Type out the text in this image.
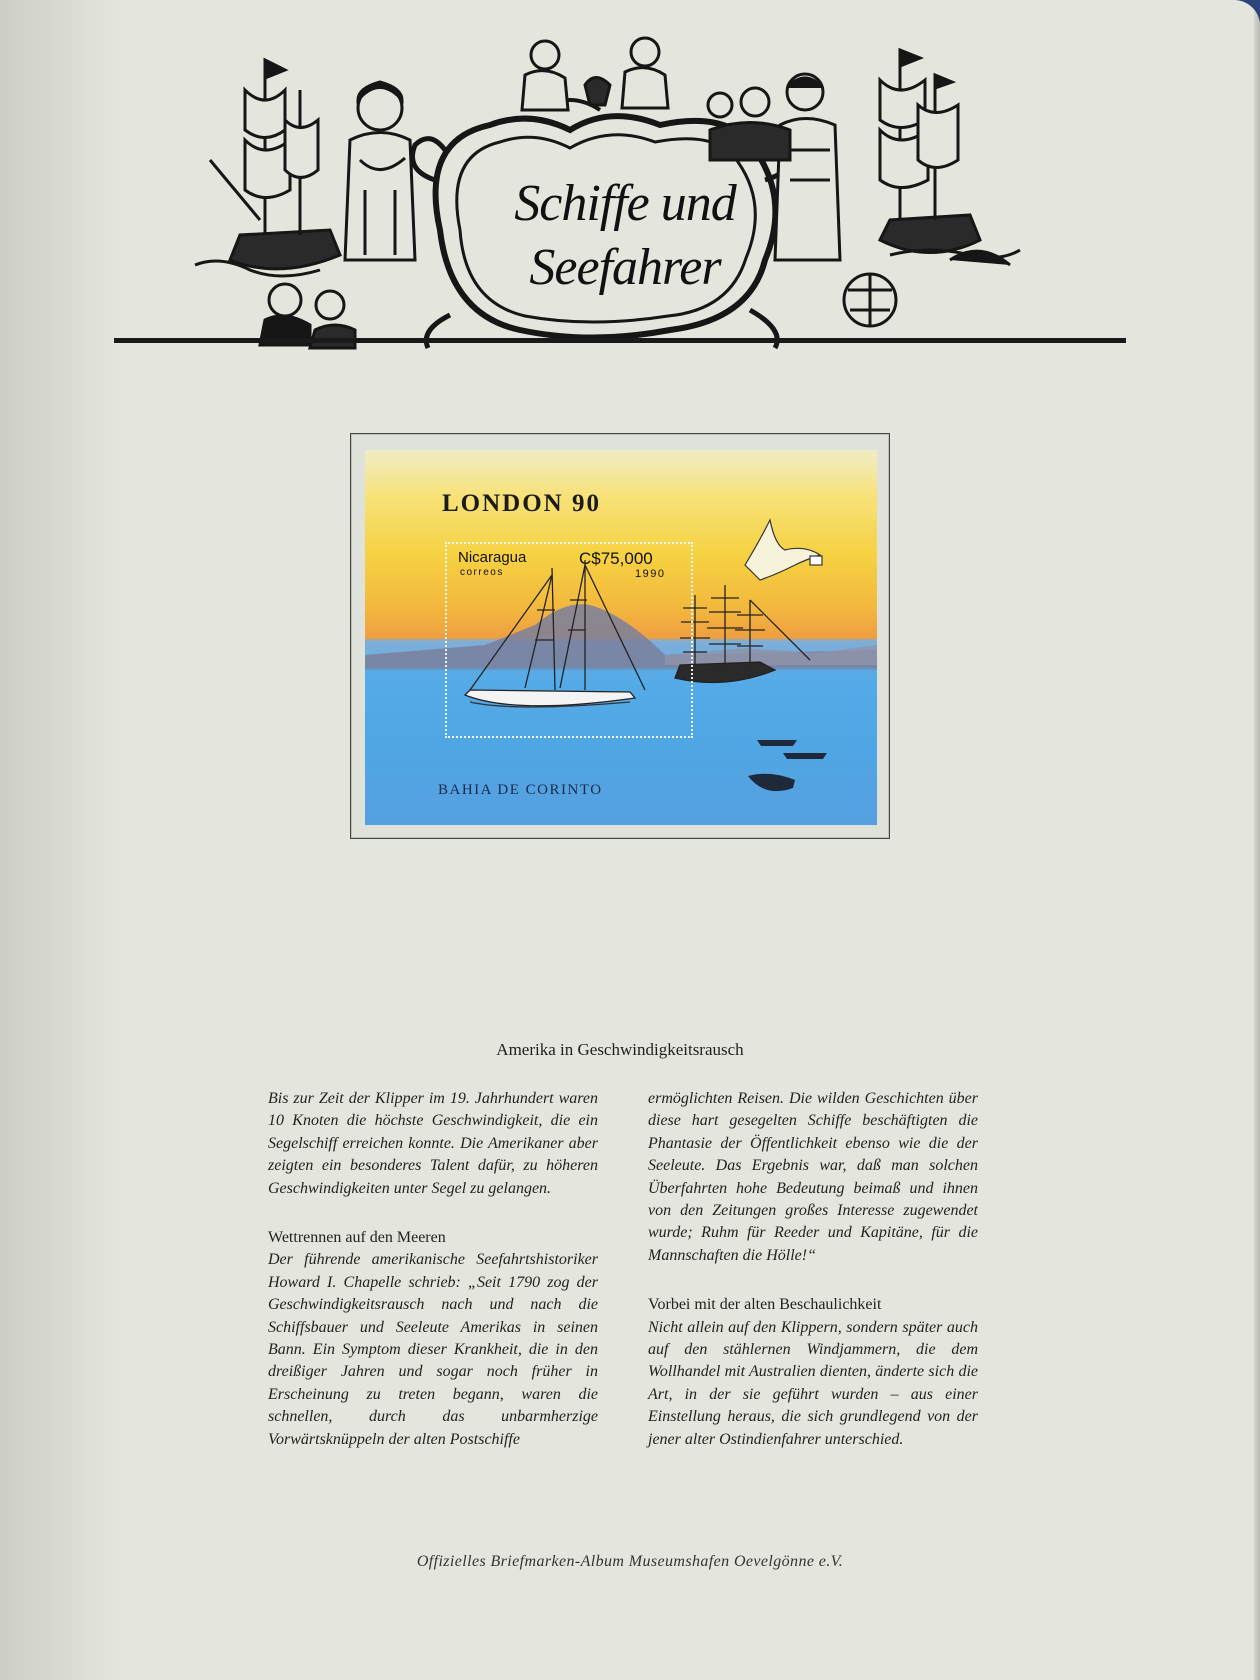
Schiffe und
Seefahrer
LONDON 90
Nicaragua
correos
C$75,000
1990
BAHIA DE CORINTO
Amerika in Geschwindigkeitsrausch

Bis zur Zeit der Klipper im 19. Jahrhundert waren 10 Knoten die höchste Geschwindigkeit, die ein Segelschiff erreichen konnte. Die Amerikaner aber zeigten ein besonderes Talent dafür, zu höheren Geschwindigkeiten unter Segel zu gelangen.

Wettrennen auf den Meeren

Der führende amerikanische Seefahrtshistoriker Howard I. Chapelle schrieb: „Seit 1790 zog der Geschwindigkeitsrausch nach und nach die Schiffsbauer und Seeleute Amerikas in seinen Bann. Ein Symptom dieser Krankheit, die in den dreißiger Jahren und sogar noch früher in Erscheinung zu treten begann, waren die schnellen, durch das unbarmherzige Vorwärtsknüppeln der alten Postschiffe

ermöglichten Reisen. Die wilden Geschichten über diese hart gesegelten Schiffe beschäftigten die Phantasie der Öffentlichkeit ebenso wie die der Seeleute. Das Ergebnis war, daß man solchen Überfahrten hohe Bedeutung beimaß und ihnen von den Zeitungen großes Interesse zugewendet wurde; Ruhm für Reeder und Kapitäne, für die Mannschaften die Hölle!“

Vorbei mit der alten Beschaulichkeit

Nicht allein auf den Klippern, sondern später auch auf den stählernen Windjammern, die dem Wollhandel mit Australien dienten, änderte sich die Art, in der sie geführt wurden – aus einer Einstellung heraus, die sich grundlegend von der jener alter Ostindienfahrer unterschied.

Offizielles Briefmarken-Album Museumshafen Oevelgönne e.V.
